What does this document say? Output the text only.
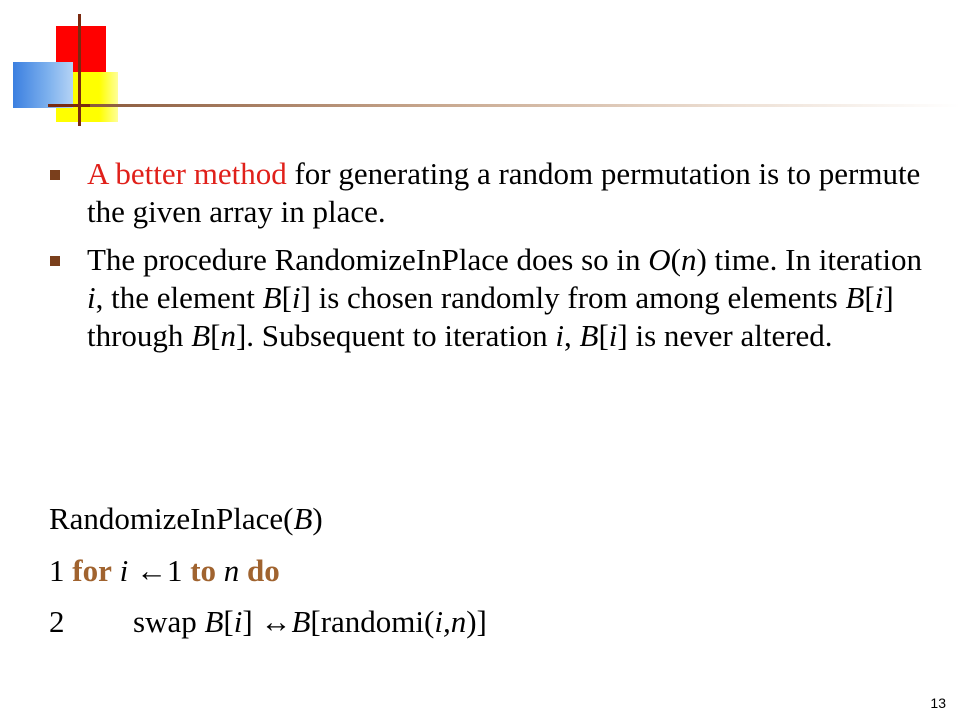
A better method for generating a random permutation is to permute the given array in place.
The procedure RandomizeInPlace does so in O(n) time. In iteration i, the element B[i] is chosen randomly from among elements B[i] through B[n]. Subsequent to iteration i, B[i] is never altered.
RandomizeInPlace(B)
1 for i ←1 to n do
2 swap B[i] ↔B[randomi(i,n)]
13
